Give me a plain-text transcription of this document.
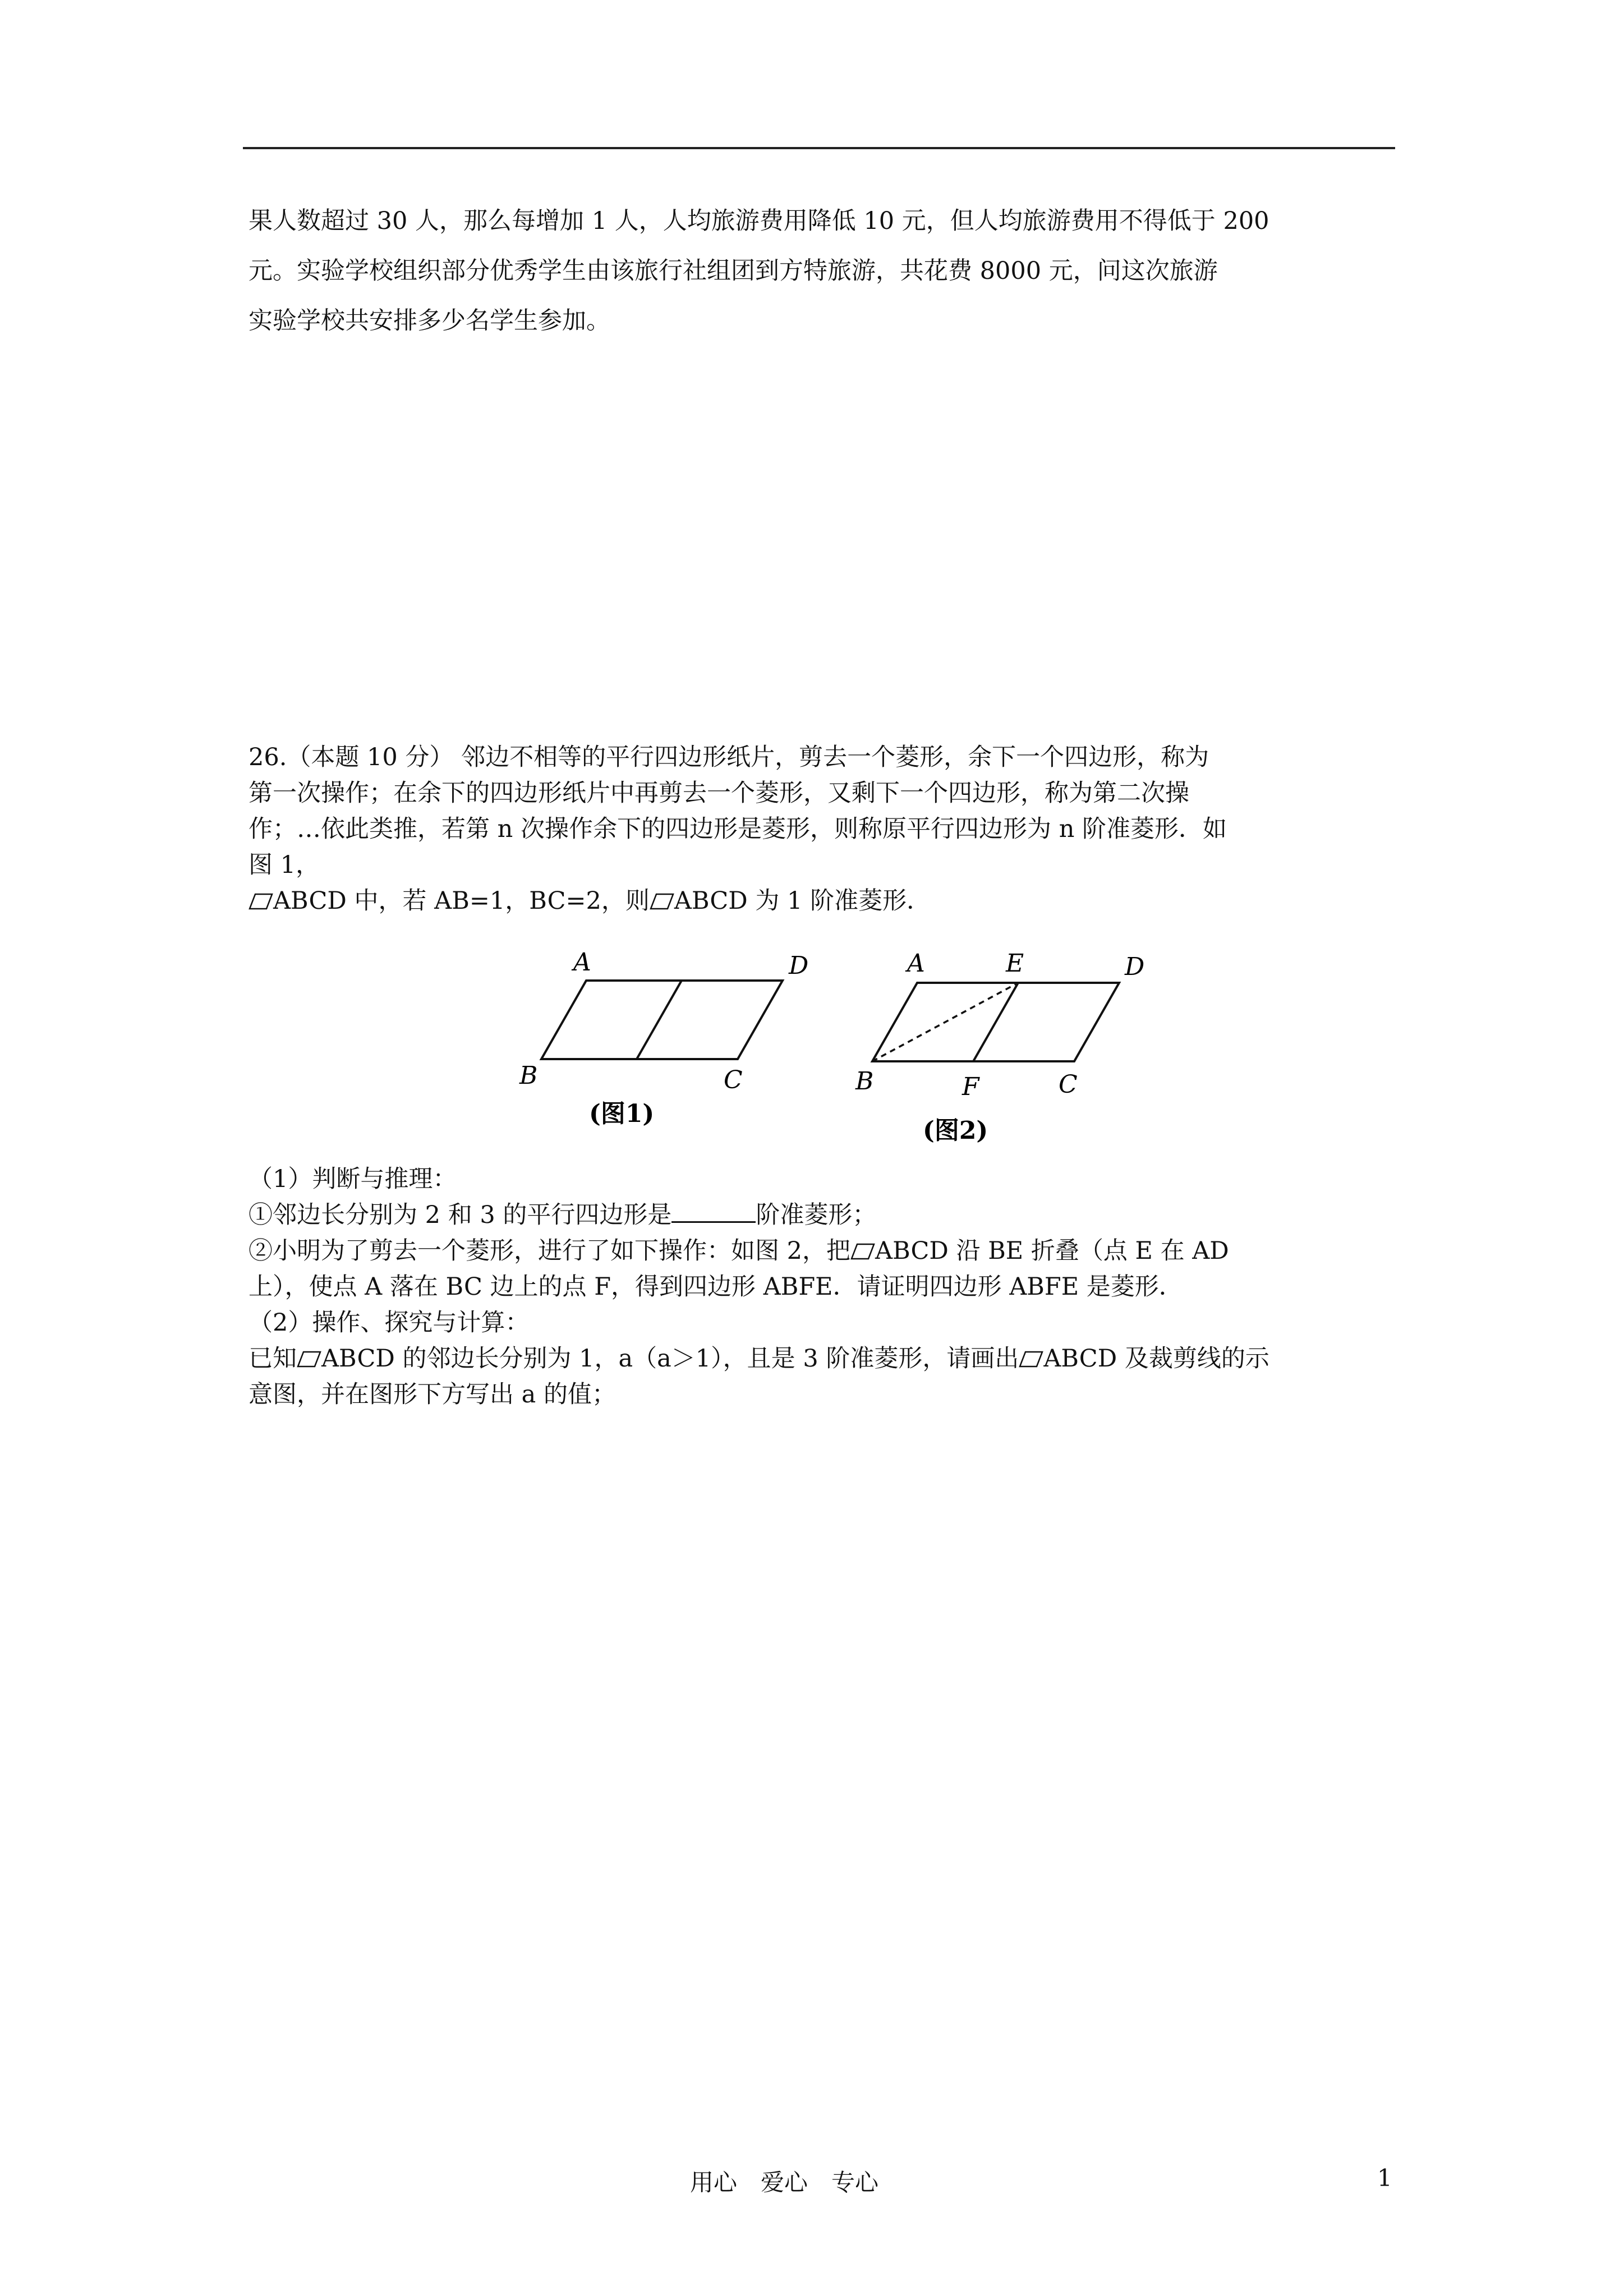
果人数超过 30 人，那么每增加 1 人，人均旅游费用降低 10 元，但人均旅游费用不得低于 200
元。实验学校组织部分优秀学生由该旅行社组团到方特旅游，共花费 8000 元，问这次旅游
实验学校共安排多少名学生参加。
26.（本题 10 分） 邻边不相等的平行四边形纸片，剪去一个菱形，余下一个四边形，称为
第一次操作；在余下的四边形纸片中再剪去一个菱形，又剩下一个四边形，称为第二次操
作；…依此类推，若第 n 次操作余下的四边形是菱形，则称原平行四边形为 n 阶准菱形．如
图 1，
ABCD 中，若 AB=1，BC=2，则 ABCD 为 1 阶准菱形．
A	D
B	C
(图1)
A	E	D
B	F	C
(图2)
（1）判断与推理：
①邻边长分别为 2 和 3 的平行四边形是	阶准菱形；
②小明为了剪去一个菱形，进行了如下操作：如图 2，把 ABCD 沿 BE 折叠（点 E 在 AD
上），使点 A 落在 BC 边上的点 F，得到四边形 ABFE．请证明四边形 ABFE 是菱形．
（2）操作、探究与计算：
已知 ABCD 的邻边长分别为 1，a（a＞1），且是 3 阶准菱形，请画出 ABCD 及裁剪线的示
意图，并在图形下方写出 a 的值；
用心　爱心　专心	1
